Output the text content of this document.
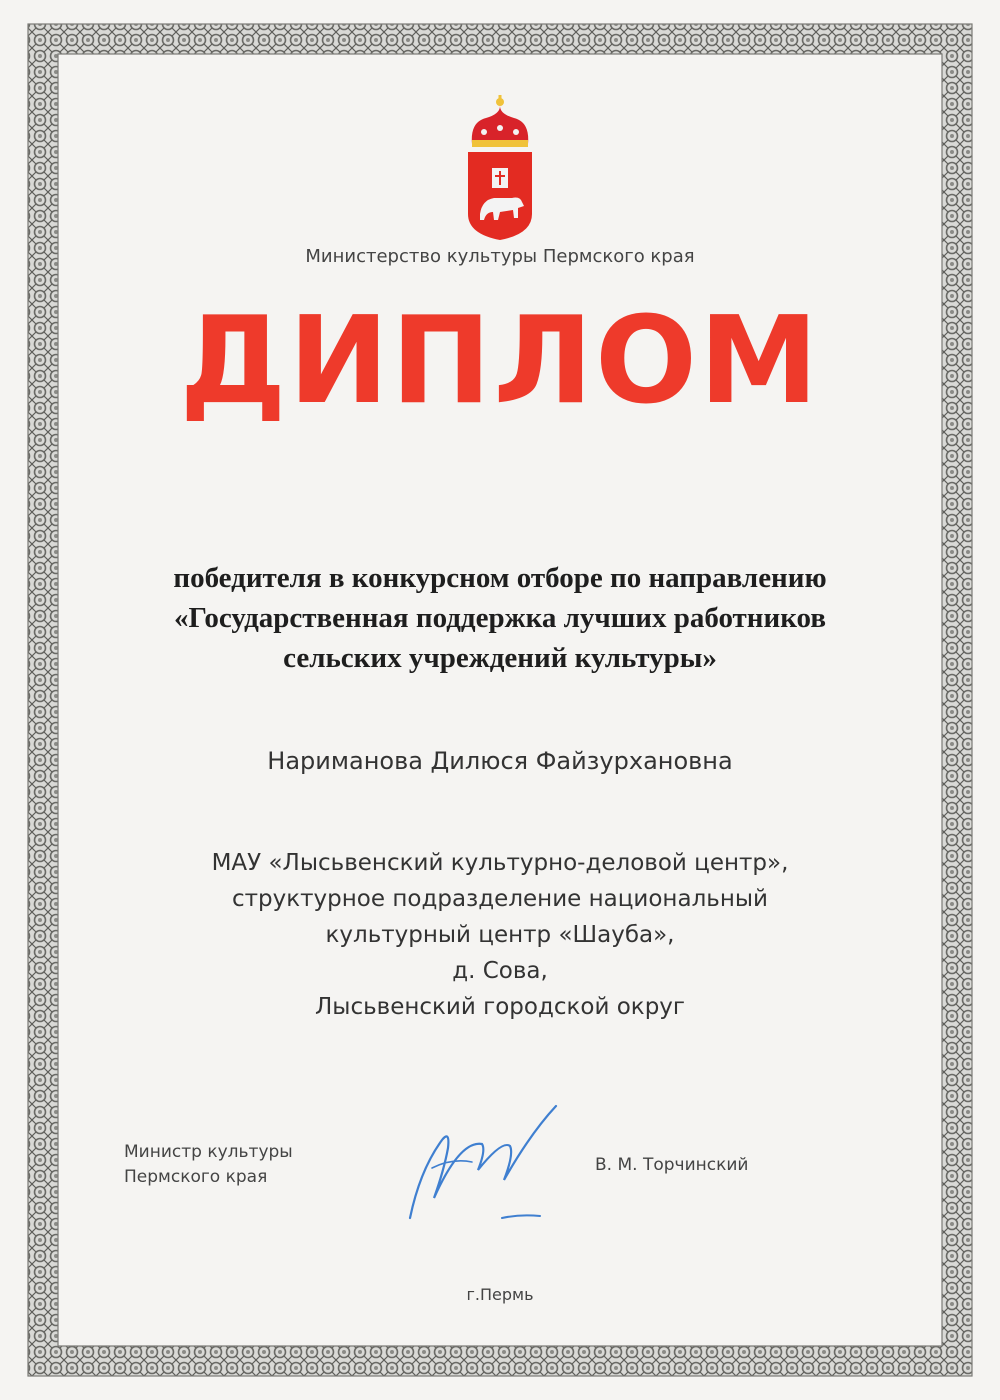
Министерство культуры Пермского края
ДИПЛОМ
победителя в конкурсном отборе по направлению
«Государственная поддержка лучших работников
сельских учреждений культуры»
Нариманова Дилюся Файзурхановна
МАУ «Лысьвенский культурно-деловой центр»,
структурное подразделение национальный
культурный центр «Шауба»,
д. Сова,
Лысьвенский городской округ
Министр культуры
Пермского края
В. М. Торчинский
г.Пермь
